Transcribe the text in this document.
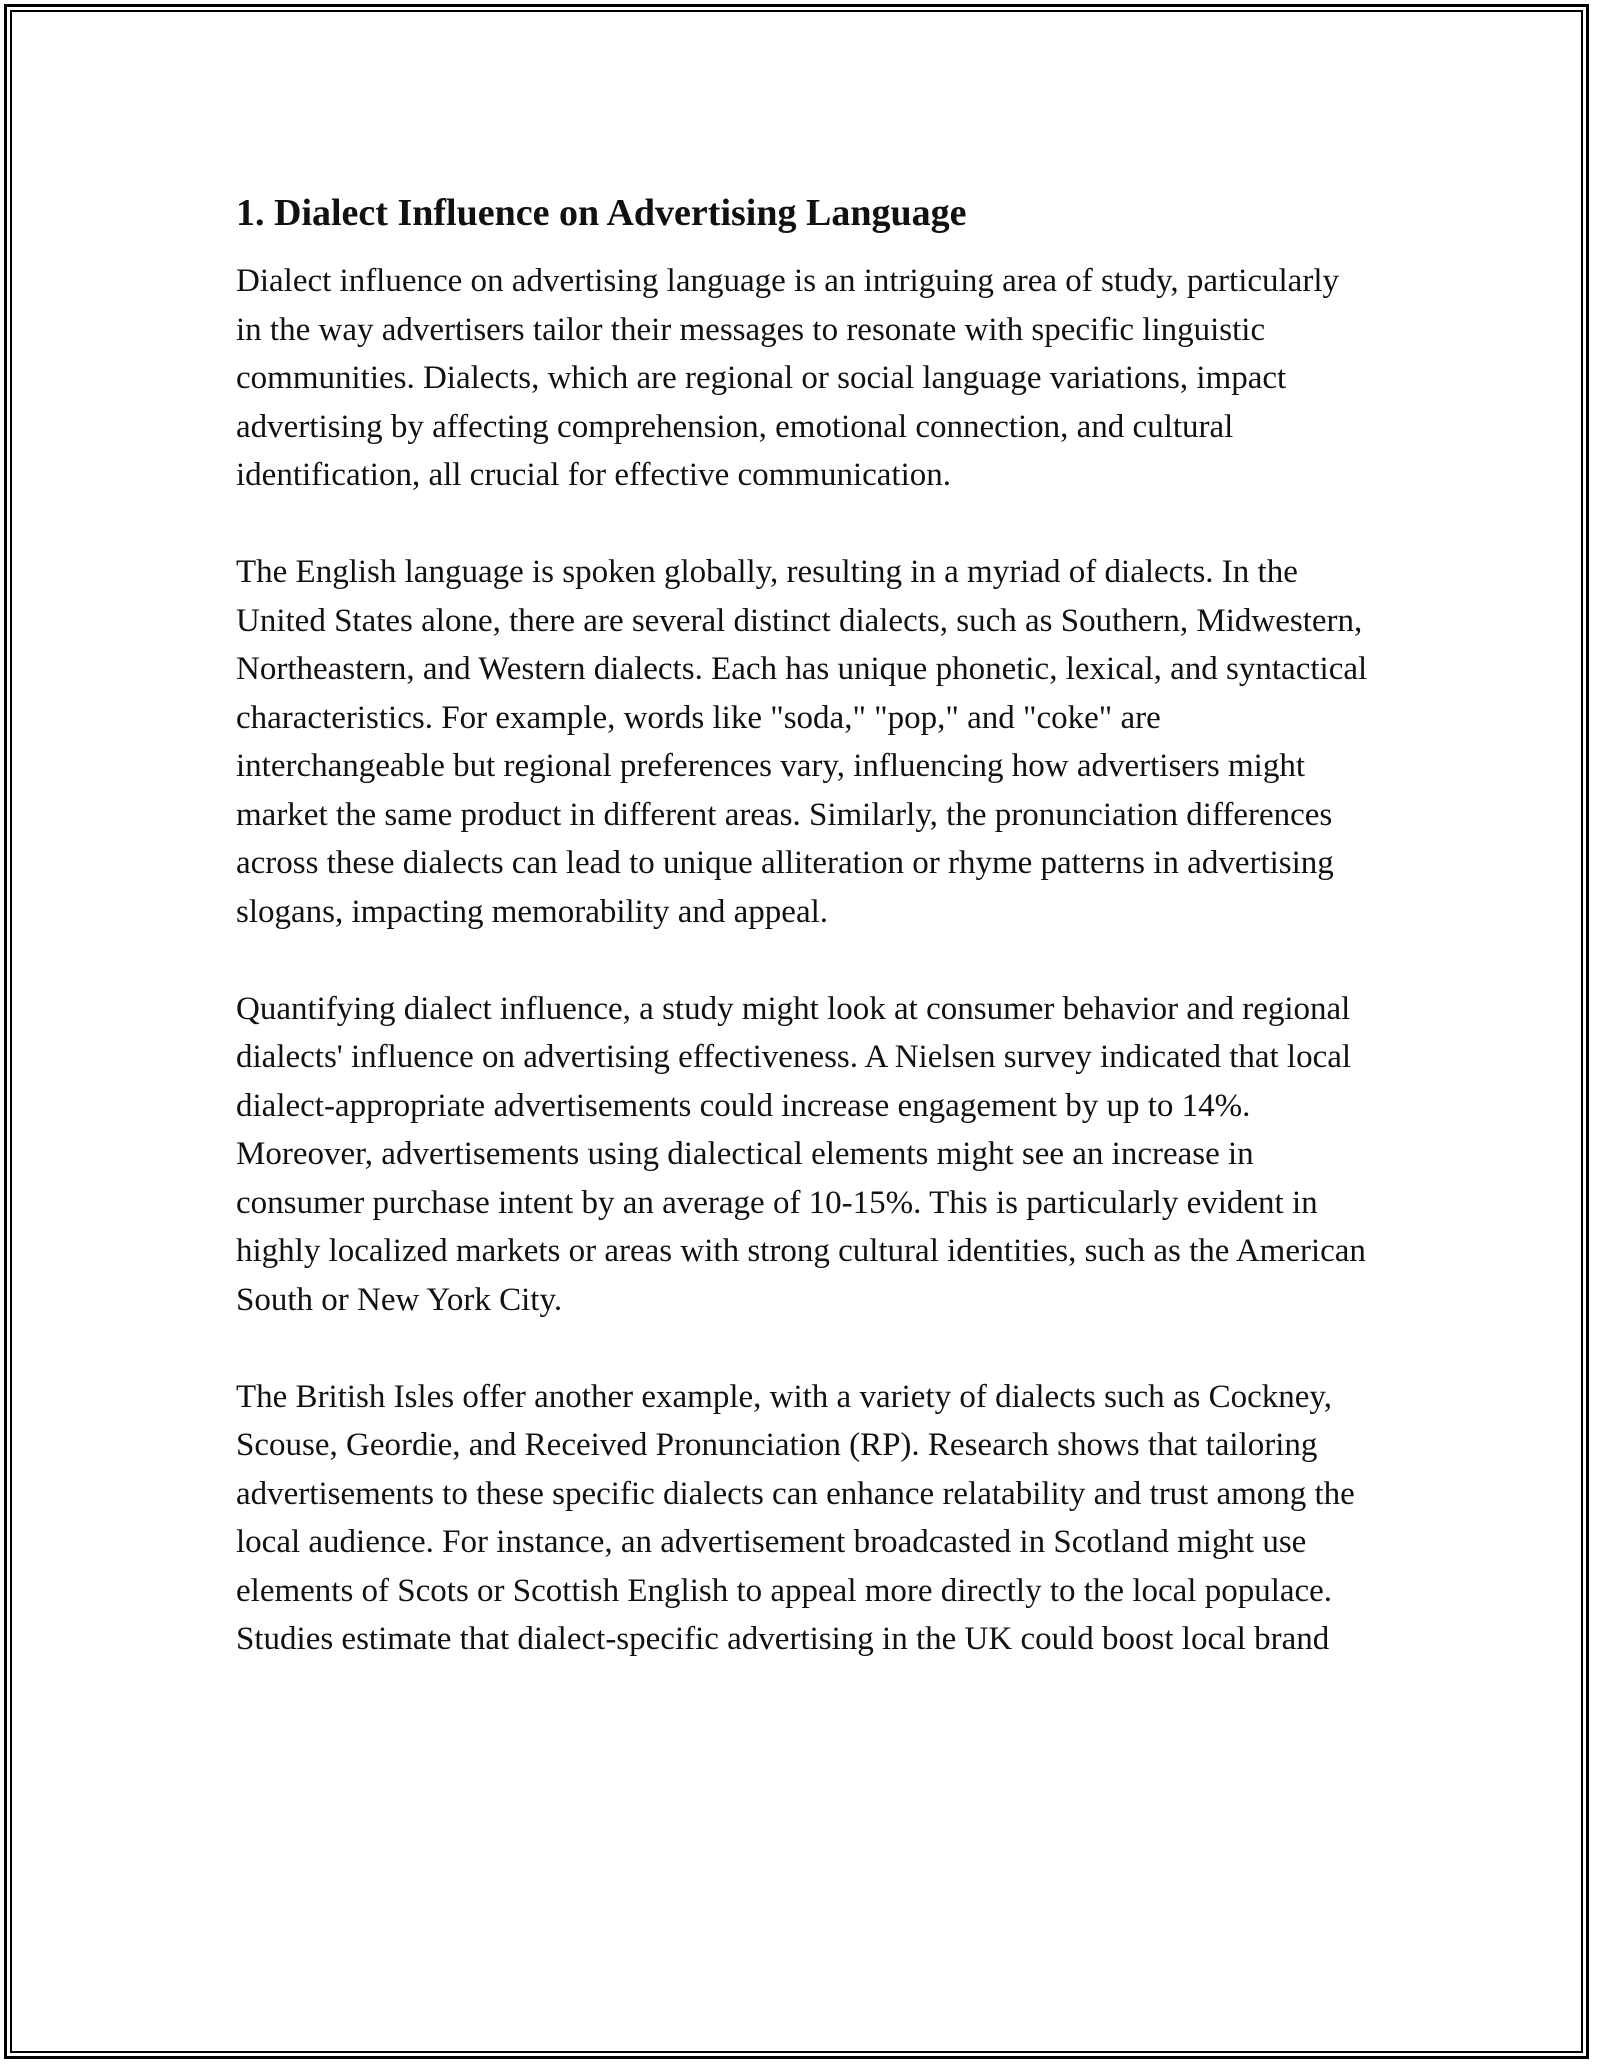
1. Dialect Influence on Advertising Language

Dialect influence on advertising language is an intriguing area of study, particularly in the way advertisers tailor their messages to resonate with specific linguistic communities. Dialects, which are regional or social language variations, impact advertising by affecting comprehension, emotional connection, and cultural identification, all crucial for effective communication.

The English language is spoken globally, resulting in a myriad of dialects. In the United States alone, there are several distinct dialects, such as Southern, Midwestern, Northeastern, and Western dialects. Each has unique phonetic, lexical, and syntactical characteristics. For example, words like "soda," "pop," and "coke" are interchangeable but regional preferences vary, influencing how advertisers might market the same product in different areas. Similarly, the pronunciation differences across these dialects can lead to unique alliteration or rhyme patterns in advertising slogans, impacting memorability and appeal.

Quantifying dialect influence, a study might look at consumer behavior and regional dialects' influence on advertising effectiveness. A Nielsen survey indicated that local dialect-appropriate advertisements could increase engagement by up to 14%. Moreover, advertisements using dialectical elements might see an increase in consumer purchase intent by an average of 10-15%. This is particularly evident in highly localized markets or areas with strong cultural identities, such as the American South or New York City.

The British Isles offer another example, with a variety of dialects such as Cockney, Scouse, Geordie, and Received Pronunciation (RP). Research shows that tailoring advertisements to these specific dialects can enhance relatability and trust among the local audience. For instance, an advertisement broadcasted in Scotland might use elements of Scots or Scottish English to appeal more directly to the local populace. Studies estimate that dialect-specific advertising in the UK could boost local brand
